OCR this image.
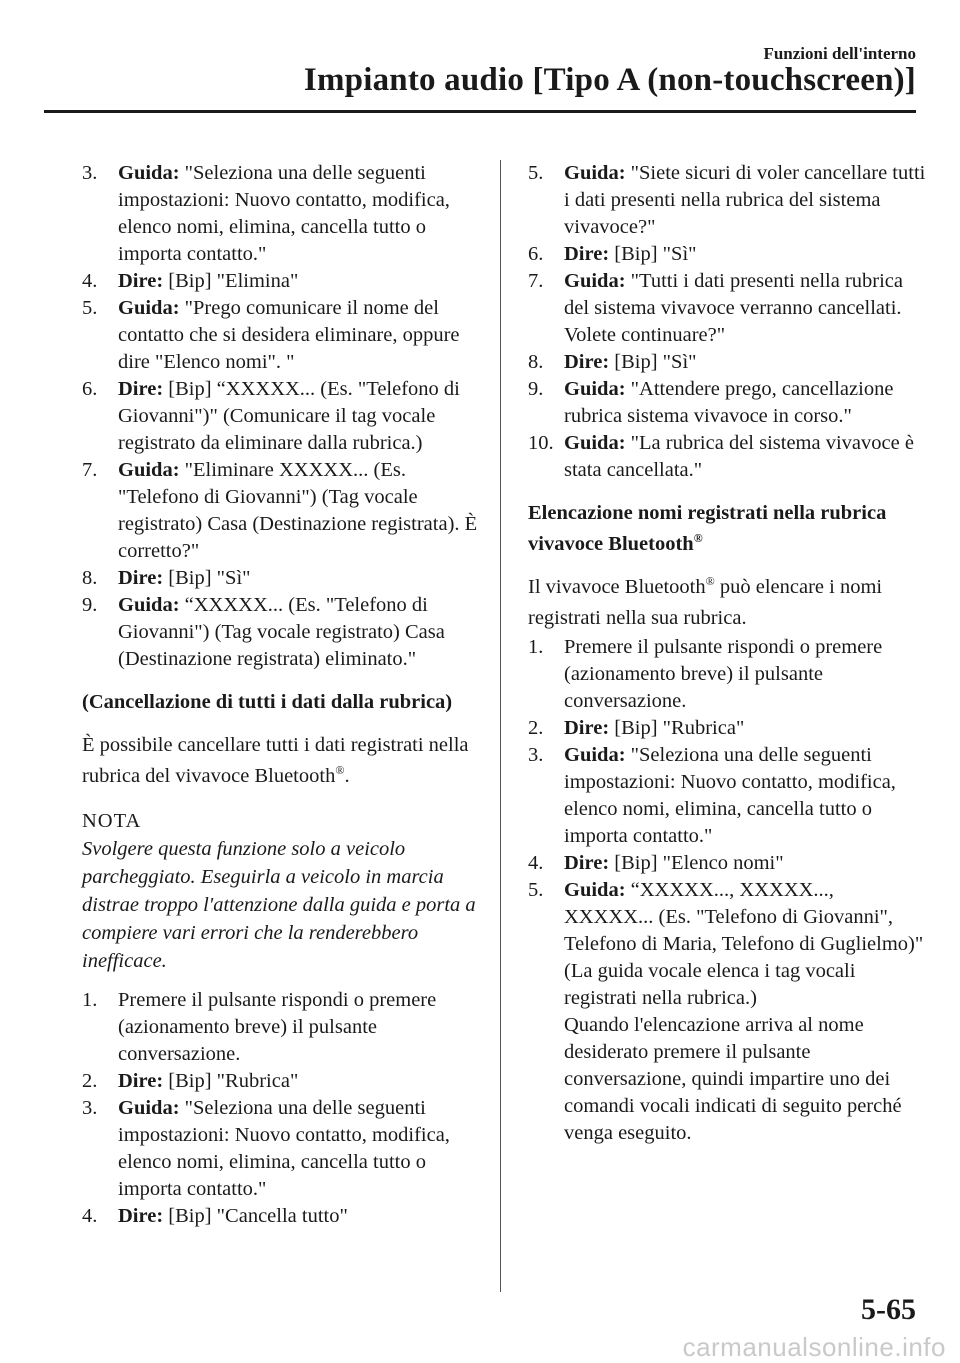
Funzioni dell'interno
Impianto audio [Tipo A (non-touchscreen)]
3.	Guida: "Seleziona una delle seguenti impostazioni: Nuovo contatto, modifica, elenco nomi, elimina, cancella tutto o importa contatto."
4.	Dire: [Bip] "Elimina"
5.	Guida: "Prego comunicare il nome del contatto che si desidera eliminare, oppure dire "Elenco nomi". "
6.	Dire: [Bip] “XXXXX... (Es. "Telefono di Giovanni")" (Comunicare il tag vocale registrato da eliminare dalla rubrica.)
7.	Guida: "Eliminare XXXXX... (Es. "Telefono di Giovanni") (Tag vocale registrato) Casa (Destinazione registrata). È corretto?"
8.	Dire: [Bip] "Sì"
9.	Guida: “XXXXX... (Es. "Telefono di Giovanni") (Tag vocale registrato) Casa (Destinazione registrata) eliminato."
(Cancellazione di tutti i dati dalla rubrica)
È possibile cancellare tutti i dati registrati nella rubrica del vivavoce Bluetooth®.
NOTA
Svolgere questa funzione solo a veicolo parcheggiato. Eseguirla a veicolo in marcia distrae troppo l'attenzione dalla guida e porta a compiere vari errori che la renderebbero inefficace.
1.	Premere il pulsante rispondi o premere (azionamento breve) il pulsante conversazione.
2.	Dire: [Bip] "Rubrica"
3.	Guida: "Seleziona una delle seguenti impostazioni: Nuovo contatto, modifica, elenco nomi, elimina, cancella tutto o importa contatto."
4.	Dire: [Bip] "Cancella tutto"
5.	Guida: "Siete sicuri di voler cancellare tutti i dati presenti nella rubrica del sistema vivavoce?"
6.	Dire: [Bip] "Sì"
7.	Guida: "Tutti i dati presenti nella rubrica del sistema vivavoce verranno cancellati. Volete continuare?"
8.	Dire: [Bip] "Sì"
9.	Guida: "Attendere prego, cancellazione rubrica sistema vivavoce in corso."
10. Guida: "La rubrica del sistema vivavoce è stata cancellata."
Elencazione nomi registrati nella rubrica vivavoce Bluetooth®
Il vivavoce Bluetooth® può elencare i nomi registrati nella sua rubrica.
1.	Premere il pulsante rispondi o premere (azionamento breve) il pulsante conversazione.
2.	Dire: [Bip] "Rubrica"
3.	Guida: "Seleziona una delle seguenti impostazioni: Nuovo contatto, modifica, elenco nomi, elimina, cancella tutto o importa contatto."
4.	Dire: [Bip] "Elenco nomi"
5.	Guida: “XXXXX..., XXXXX..., XXXXX... (Es. "Telefono di Giovanni", Telefono di Maria, Telefono di Guglielmo)" (La guida vocale elenca i tag vocali registrati nella rubrica.)
Quando l'elencazione arriva al nome desiderato premere il pulsante conversazione, quindi impartire uno dei comandi vocali indicati di seguito perché venga eseguito.
5-65
carmanualsonline.info
